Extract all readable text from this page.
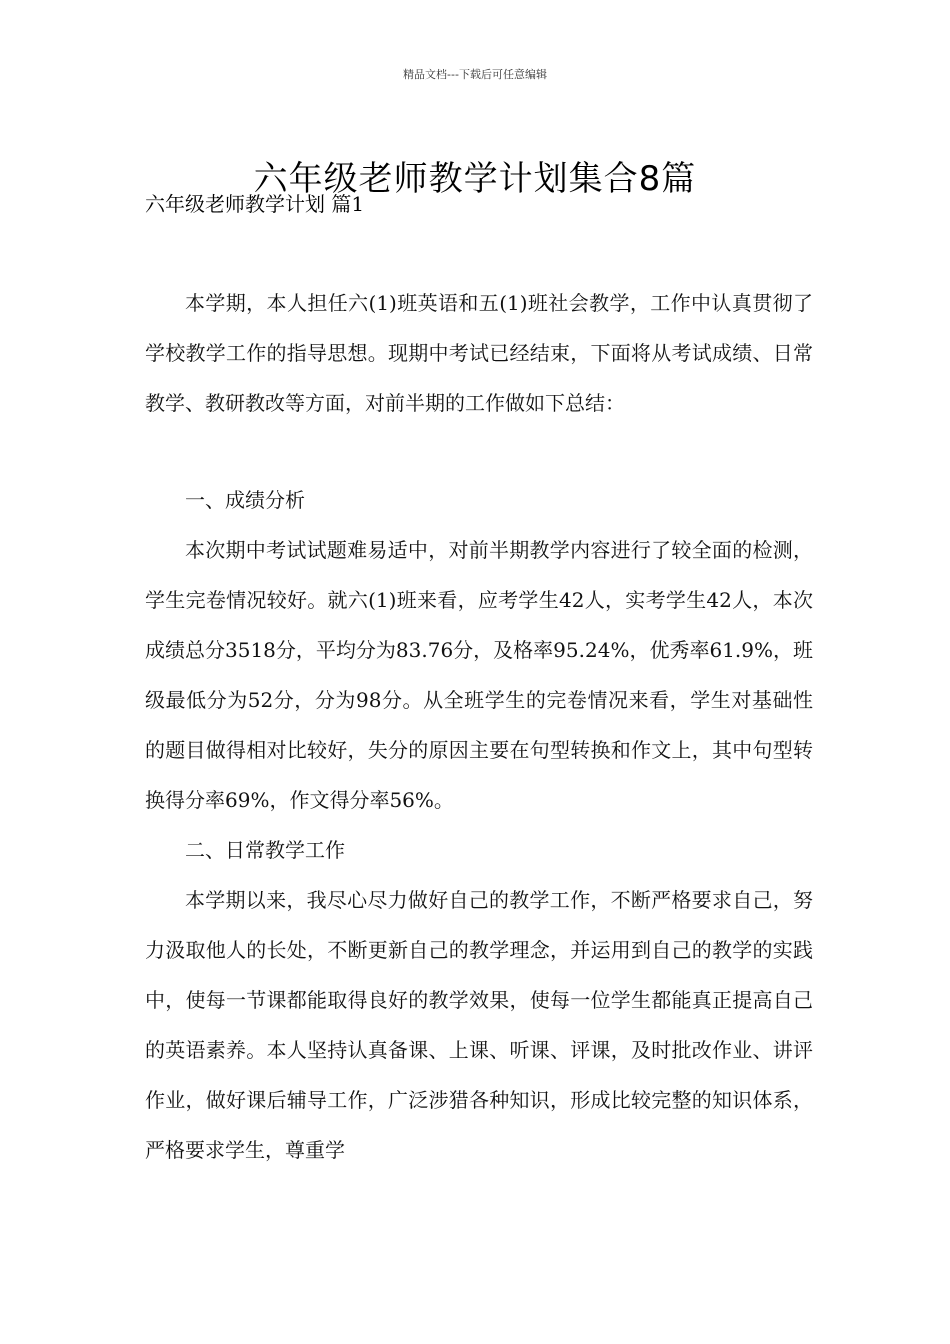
精品文档---下载后可任意编辑
六年级老师教学计划集合8篇
六年级老师教学计划 篇1

本学期，本人担任六(1)班英语和五(1)班社会教学，工作中认真贯彻了学校教学工作的指导思想。现期中考试已经结束，下面将从考试成绩、日常教学、教研教改等方面，对前半期的工作做如下总结：

一、成绩分析

本次期中考试试题难易适中，对前半期教学内容进行了较全面的检测，学生完卷情况较好。就六(1)班来看，应考学生42人，实考学生42人，本次成绩总分3518分，平均分为83.76分，及格率95.24%，优秀率61.9%，班级最低分为52分，分为98分。从全班学生的完卷情况来看，学生对基础性的题目做得相对比较好，失分的原因主要在句型转换和作文上，其中句型转换得分率69%，作文得分率56%。

二、日常教学工作

本学期以来，我尽心尽力做好自己的教学工作，不断严格要求自己，努力汲取他人的长处，不断更新自己的教学理念，并运用到自己的教学的实践中，使每一节课都能取得良好的教学效果，使每一位学生都能真正提高自己的英语素养。本人坚持认真备课、上课、听课、评课，及时批改作业、讲评作业，做好课后辅导工作，广泛涉猎各种知识，形成比较完整的知识体系，严格要求学生，尊重学
